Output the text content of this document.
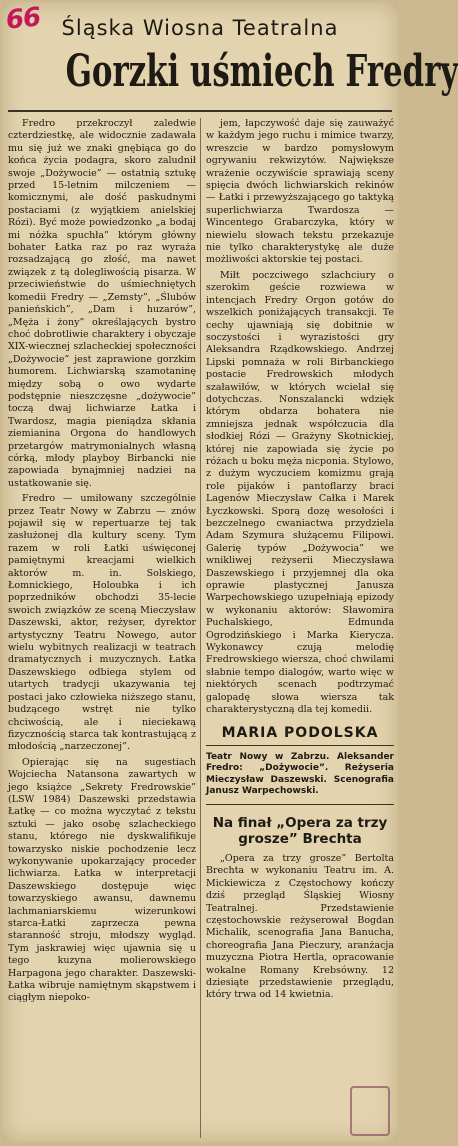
66 Śląska Wiosna Teatralna
Gorzki uśmiech Fredry

Fredro przekroczył zaledwie czterdziestkę, ale widocznie zadawała mu się już we znaki gnębiąca go do końca życia podagra, skoro zaludnił swoje „Dożywocie” — ostatnią sztukę przed 15-letnim milczeniem — komicznymi, ale dość paskudnymi postaciami (z wyjątkiem anielskiej Rózi). Być może powiedzonko „a bodaj mi nóżka spuchła” którym główny bohater Łatka raz po raz wyraża rozsadzającą go złość, ma nawet związek z tą dolegliwością pisarza. W przeciwieństwie do uśmiechniętych komedii Fredry — „Zemsty”, „Ślubów panieńskich”, „Dam i huzarów”, „Męża i żony” określających bystro choć dobrotliwie charaktery i obyczaje XIX-wiecznej szlacheckiej społeczności „Dożywocie” jest zaprawione gorzkim humorem. Lichwiarską szamotaninę między sobą o owo wydarte podstępnie nieszczęsne „dożywocie” toczą dwaj lichwiarze Łatka i Twardosz, magia pieniądza skłania ziemianina Orgona do handlowych przetargów matrymonialnych własną córką, młody playboy Birbancki nie zapowiada bynajmniej nadziei na ustatkowanie się.

Fredro — umiłowany szczególnie przez Teatr Nowy w Zabrzu — znów pojawił się w repertuarze tej tak zasłużonej dla kultury sceny. Tym razem w roli Łatki uświęconej pamiętnymi kreacjami wielkich aktorów m. in. Solskiego, Łomnickiego, Holoubka i ich poprzedników obchodzi 35-lecie swoich związków ze sceną Mieczysław Daszewski, aktor, reżyser, dyrektor artystyczny Teatru Nowego, autor wielu wybitnych realizacji w teatrach dramatycznych i muzycznych. Łatka Daszewskiego odbiega stylem od utartych tradycji ukazywania tej postaci jako człowieka niższego stanu, budzącego wstręt nie tylko chciwością, ale i nieciekawą fizycznością starca tak kontrastującą z młodością „narzeczonej”.

Opierając się na sugestiach Wojciecha Natansona zawartych w jego książce „Sekrety Fredrowskie” (LSW 1984) Daszewski przedstawia Łatkę — co można wyczytać z tekstu sztuki — jako osobę szlacheckiego stanu, którego nie dyskwalifikuje towarzysko niskie pochodzenie lecz wykonywanie upokarzający proceder lichwiarza. Łatka w interpretacji Daszewskiego dostępuje więc towarzyskiego awansu, dawnemu lachmaniarskiemu wizerunkowi starca-Łatki zaprzecza pewna staranność stroju, młodszy wygląd. Tym jaskrawiej więc ujawnia się u tego kuzyna molierowskiego Harpagona jego charakter. Daszewski-Łatka wibruje namiętnym skąpstwem i ciągłym niepoko-

jem, łapczywość daje się zauważyć w każdym jego ruchu i mimice twarzy, wreszcie w bardzo pomysłowym ogrywaniu rekwizytów. Największe wrażenie oczywiście sprawiają sceny spięcia dwóch lichwiarskich rekinów — Łatki i przewyższającego go taktyką superlichwiarza Twardosza — Wincentego Grabarczyka, który w niewielu słowach tekstu przekazuje nie tylko charakterystykę ale duże możliwości aktorskie tej postaci.

Miłt poczciwego szlachciury o szerokim geście rozwiewa w intencjach Fredry Orgon gotów do wszelkich poniżających transakcji. Te cechy ujawniają się dobitnie w soczystości i wyrazistości gry Aleksandra Rządkowskiego. Andrzej Lipski pomnaża w roli Birbanckiego postacie Fredrowskich młodych szaławiłów, w których wcielał się dotychczas. Nonszalancki wdzięk którym obdarza bohatera nie zmniejsza jednak współczucia dla słodkiej Rózi — Grażyny Skotnickiej, której nie zapowiada się życie po różach u boku męża nicponia. Stylowo, z dużym wyczuciem komizmu grają role pijaków i pantoflarzy braci Lagenów Mieczysław Całka i Marek Łyczkowski. Sporą dozę wesołości i bezczelnego cwaniactwa przydziela Adam Szymura służącemu Filipowi. Galerię typów „Dożywocia” we wnikliwej reżyserii Mieczysława Daszewskiego i przyjemnej dla oka oprawie plastycznej Janusza Warpechowskiego uzupełniają epizody w wykonaniu aktorów: Sławomira Puchalskiego, Edmunda Ogrodzińskiego i Marka Kierycza. Wykonawcy czują melodię Fredrowskiego wiersza, choć chwilami słabnie tempo dialogów, warto więc w niektórych scenach podtrzymać galopadę słowa wiersza tak charakterystyczną dla tej komedii.

MARIA PODOLSKA
Teatr Nowy w Zabrzu. Aleksander Fredro: „Dożywocie”. Reżyseria Mieczysław Daszewski. Scenografia Janusz Warpechowski.
Na finał „Opera za trzy grosze” Brechta

„Opera za trzy grosze” Bertolta Brechta w wykonaniu Teatru im. A. Mickiewicza z Częstochowy kończy dziś przegląd Śląskiej Wiosny Teatralnej. Przedstawienie częstochowskie reżyserował Bogdan Michalik, scenografia Jana Banucha, choreografia Jana Pieczury, aranżacja muzyczna Piotra Hertla, opracowanie wokalne Romany Krebsówny. 12 dziesiąte przedstawienie przeglądu, który trwa od 14 kwietnia.
